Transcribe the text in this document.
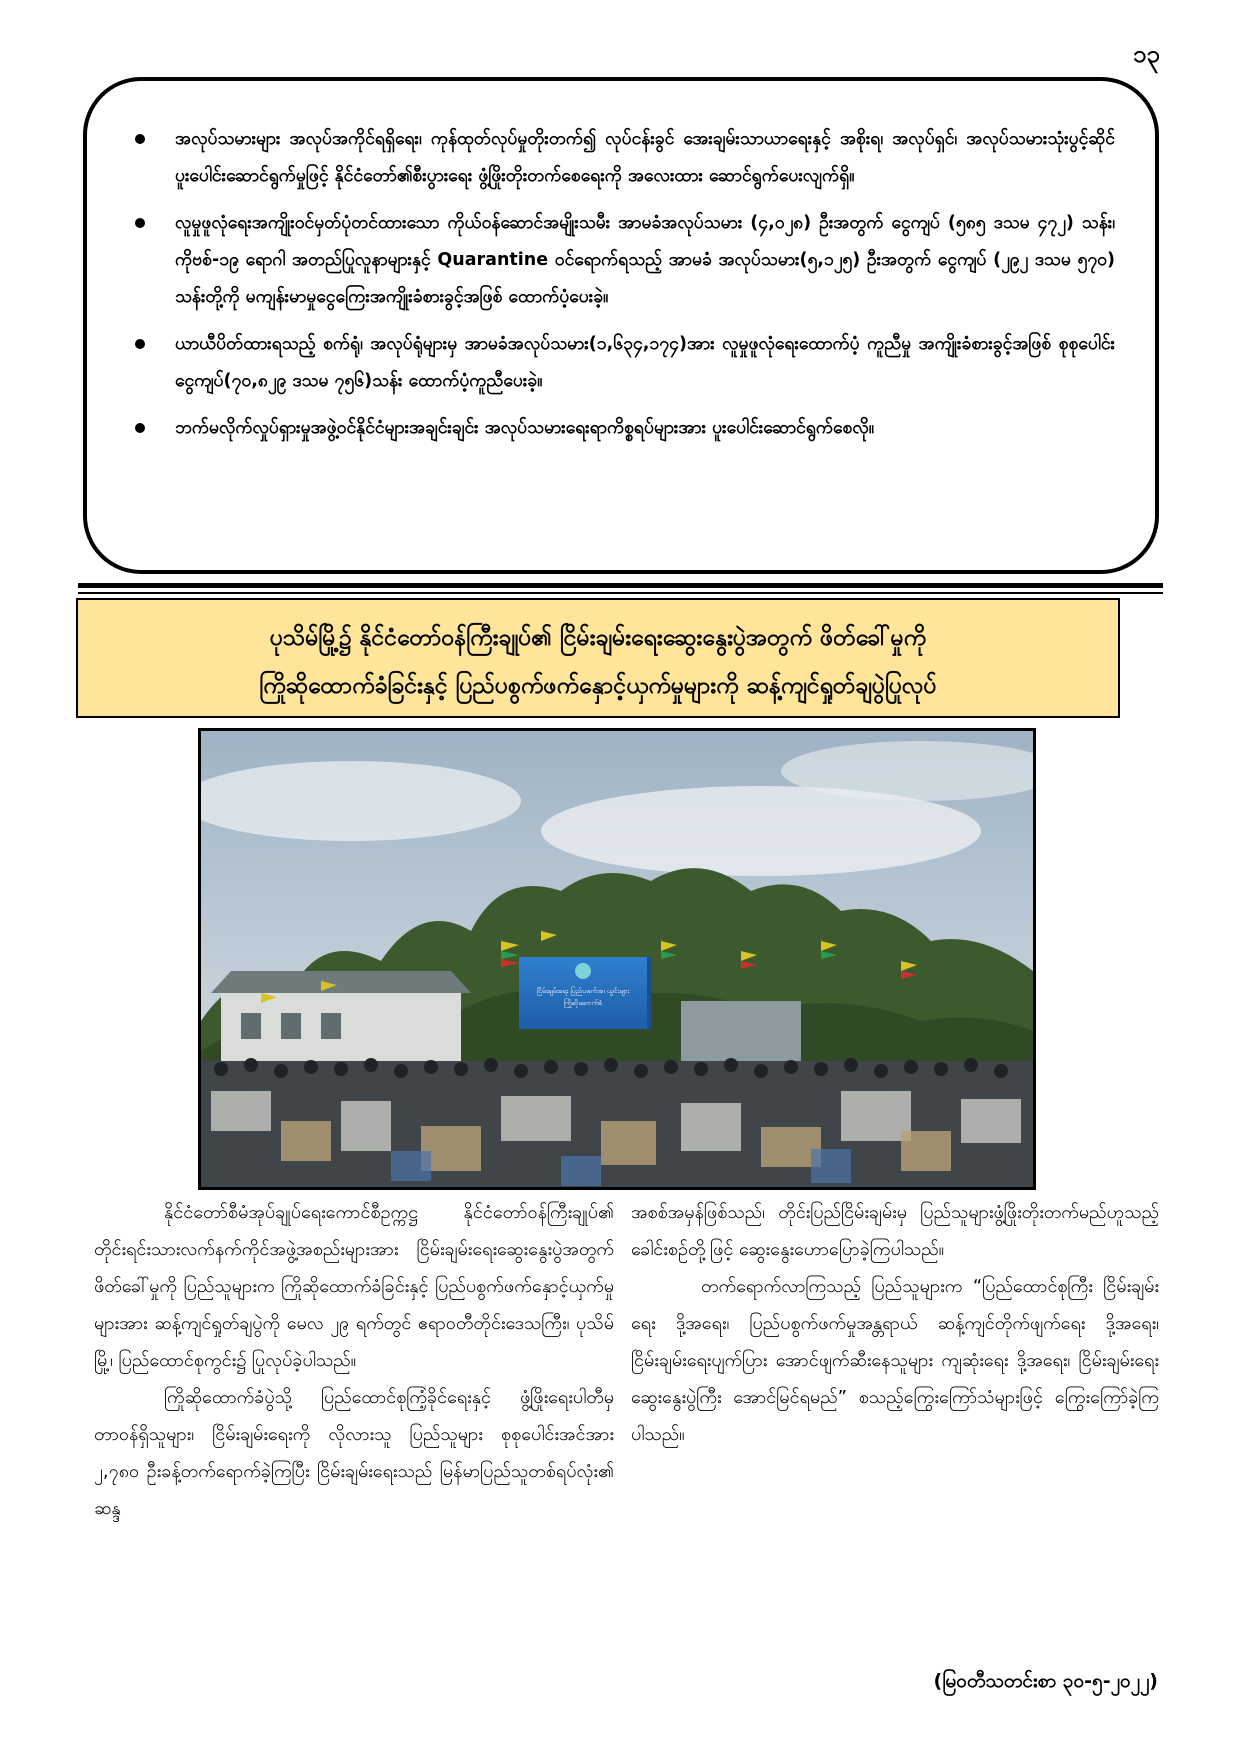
၁၃
အလုပ်သမားများ အလုပ်အကိုင်ရရှိရေး၊ ကုန်ထုတ်လုပ်မှုတိုးတက်၍ လုပ်ငန်းခွင် အေးချမ်းသာယာရေးနှင့် အစိုးရ၊ အလုပ်ရှင်၊ အလုပ်သမားသုံးပွင့်ဆိုင် ပူးပေါင်းဆောင်ရွက်မှုဖြင့် နိုင်ငံတော်၏စီးပွားရေး ဖွံ့ဖြိုးတိုးတက်စေရေးကို အလေးထား ဆောင်ရွက်ပေးလျက်ရှိ။
လူမှုဖူလုံရေးအကျိုးဝင်မှတ်ပုံတင်ထားသော ကိုယ်ဝန်ဆောင်အမျိုးသမီး အာမခံအလုပ်သမား (၄,၀၂၈) ဦးအတွက် ငွေကျပ် (၅၈၅ ဒသမ ၄၇၂) သန်း၊ ကိုဗစ်-၁၉ ရောဂါ အတည်ပြုလူနာများနှင့် Quarantine ဝင်ရောက်ရသည့် အာမခံ အလုပ်သမား(၅,၁၂၅) ဦးအတွက် ငွေကျပ် (၂၉၂ ဒသမ ၅၇၀) သန်းတို့ကို မကျန်းမာမှုငွေကြေးအကျိုးခံစားခွင့်အဖြစ် ထောက်ပံ့ပေးခဲ့။
ယာယီပိတ်ထားရသည့် စက်ရုံ၊ အလုပ်ရုံများမှ အာမခံအလုပ်သမား(၁,၆၃၄,၁၇၄)အား လူမှုဖူလုံရေးထောက်ပံ့ ကူညီမှု အကျိုးခံစားခွင့်အဖြစ် စုစုပေါင်းငွေကျပ်(၇၀,၈၂၉ ဒသမ ၇၅၆)သန်း ထောက်ပံ့ကူညီပေးခဲ့။
ဘက်မလိုက်လှုပ်ရှားမှုအဖွဲ့ဝင်နိုင်ငံများအချင်းချင်း အလုပ်သမားရေးရာကိစ္စရပ်များအား ပူးပေါင်းဆောင်ရွက်စေလို။

ပုသိမ်မြို့၌ နိုင်ငံတော်ဝန်ကြီးချုပ်၏ ငြိမ်းချမ်းရေးဆွေးနွေးပွဲအတွက် ဖိတ်ခေါ်မှုကို

ကြိုဆိုထောက်ခံခြင်းနှင့် ပြည်ပစွက်ဖက်နှောင့်ယှက်မှုများကို ဆန့်ကျင်ရှုတ်ချပွဲပြုလုပ်

ငြိမ်းချမ်းရေး ပြည်ပဖက်အ၊ ယွင်းများ
ကြိုဆိုဆောက်ခံ

နိုင်ငံတော်စီမံအုပ်ချုပ်ရေးကောင်စီဥက္ကဋ္ဌ နိုင်ငံတော်ဝန်ကြီးချုပ်၏ တိုင်းရင်းသားလက်နက်ကိုင်အဖွဲ့အစည်းများအား ငြိမ်းချမ်းရေးဆွေးနွေးပွဲအတွက် ဖိတ်ခေါ်မှုကို ပြည်သူများက ကြိုဆိုထောက်ခံခြင်းနှင့် ပြည်ပစွက်ဖက်နှောင့်ယှက်မှုများအား ဆန့်ကျင်ရှုတ်ချပွဲကို မေလ ၂၉ ရက်တွင် ဧရာဝတီတိုင်းဒေသကြီး၊ ပုသိမ်မြို့၊ ပြည်ထောင်စုကွင်း၌ ပြုလုပ်ခဲ့ပါသည်။

ကြိုဆိုထောက်ခံပွဲသို့ ပြည်ထောင်စုကြံ့ခိုင်ရေးနှင့် ဖွံ့ဖြိုးရေးပါတီမှ တာဝန်ရှိသူများ၊ ငြိမ်းချမ်းရေးကို လိုလားသူ ပြည်သူများ စုစုပေါင်းအင်အား ၂,၇၈၀ ဦးခန့်တက်ရောက်ခဲ့ကြပြီး ငြိမ်းချမ်းရေးသည် မြန်မာပြည်သူတစ်ရပ်လုံး၏ ဆန္ဒ

အစစ်အမှန်ဖြစ်သည်၊ တိုင်းပြည်ငြိမ်းချမ်းမှ ပြည်သူများဖွံ့ဖြိုးတိုးတက်မည်ဟူသည့် ခေါင်းစဉ်တို့ဖြင့် ဆွေးနွေးဟောပြောခဲ့ကြပါသည်။

တက်ရောက်လာကြသည့် ပြည်သူများက “ပြည်ထောင်စုကြီး ငြိမ်းချမ်းရေး ဒို့အရေး၊ ပြည်ပစွက်ဖက်မှုအန္တရာယ် ဆန့်ကျင်တိုက်ဖျက်ရေး ဒို့အရေး၊ ငြိမ်းချမ်းရေးပျက်ပြား အောင်ဖျက်ဆီးနေသူများ ကျဆုံးရေး ဒို့အရေး၊ ငြိမ်းချမ်းရေးဆွေးနွေးပွဲကြီး အောင်မြင်ရမည်” စသည့်ကြွေးကြော်သံများဖြင့် ကြွေးကြော်ခဲ့ကြပါသည်။

(မြဝတီသတင်းစာ ၃၀-၅-၂၀၂၂)
